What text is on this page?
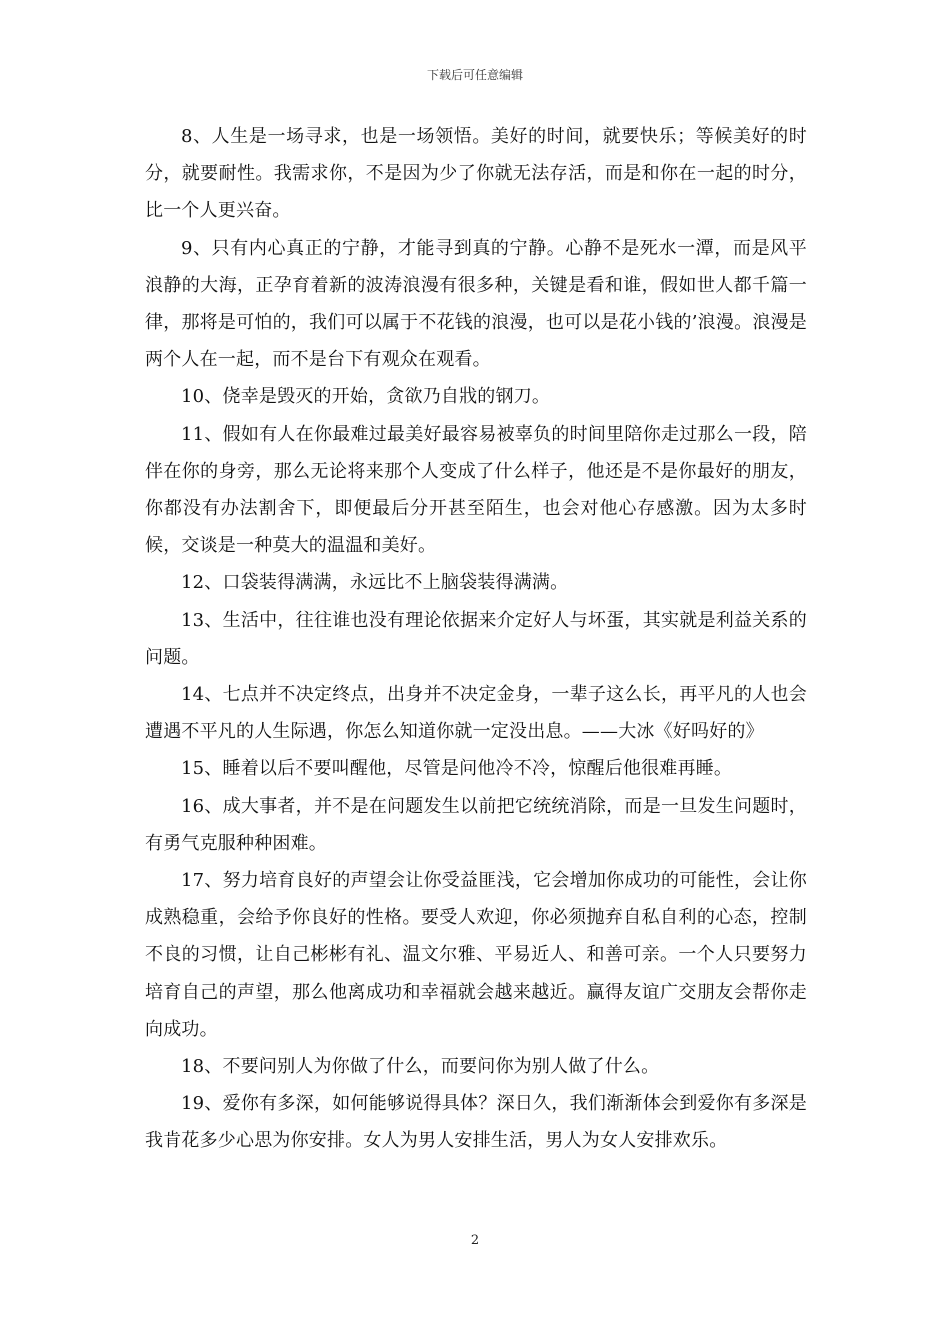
下载后可任意编辑

8、人生是一场寻求，也是一场领悟。美好的时间，就要快乐；等候美好的时分，就要耐性。我需求你，不是因为少了你就无法存活，而是和你在一起的时分，比一个人更兴奋。

9、只有内心真正的宁静，才能寻到真的宁静。心静不是死水一潭，而是风平浪静的大海，正孕育着新的波涛浪漫有很多种，关键是看和谁，假如世人都千篇一律，那将是可怕的，我们可以属于不花钱的浪漫，也可以是花小钱的’浪漫。浪漫是两个人在一起，而不是台下有观众在观看。

10、侥幸是毁灭的开始，贪欲乃自戕的钢刀。

11、假如有人在你最难过最美好最容易被辜负的时间里陪你走过那么一段，陪伴在你的身旁，那么无论将来那个人变成了什么样子，他还是不是你最好的朋友，你都没有办法割舍下，即便最后分开甚至陌生，也会对他心存感激。因为太多时候，交谈是一种莫大的温温和美好。

12、口袋装得满满，永远比不上脑袋装得满满。

13、生活中，往往谁也没有理论依据来介定好人与坏蛋，其实就是利益关系的问题。

14、七点并不决定终点，出身并不决定金身，一辈子这么长，再平凡的人也会遭遇不平凡的人生际遇，你怎么知道你就一定没出息。——大冰《好吗好的》

15、睡着以后不要叫醒他，尽管是问他冷不冷，惊醒后他很难再睡。

16、成大事者，并不是在问题发生以前把它统统消除，而是一旦发生问题时，有勇气克服种种困难。

17、努力培育良好的声望会让你受益匪浅，它会增加你成功的可能性，会让你成熟稳重，会给予你良好的性格。要受人欢迎，你必须抛弃自私自利的心态，控制不良的习惯，让自己彬彬有礼、温文尔雅、平易近人、和善可亲。一个人只要努力培育自己的声望，那么他离成功和幸福就会越来越近。赢得友谊广交朋友会帮你走向成功。

18、不要问别人为你做了什么，而要问你为别人做了什么。

19、爱你有多深，如何能够说得具体？深日久，我们渐渐体会到爱你有多深是我肯花多少心思为你安排。女人为男人安排生活，男人为女人安排欢乐。

2
